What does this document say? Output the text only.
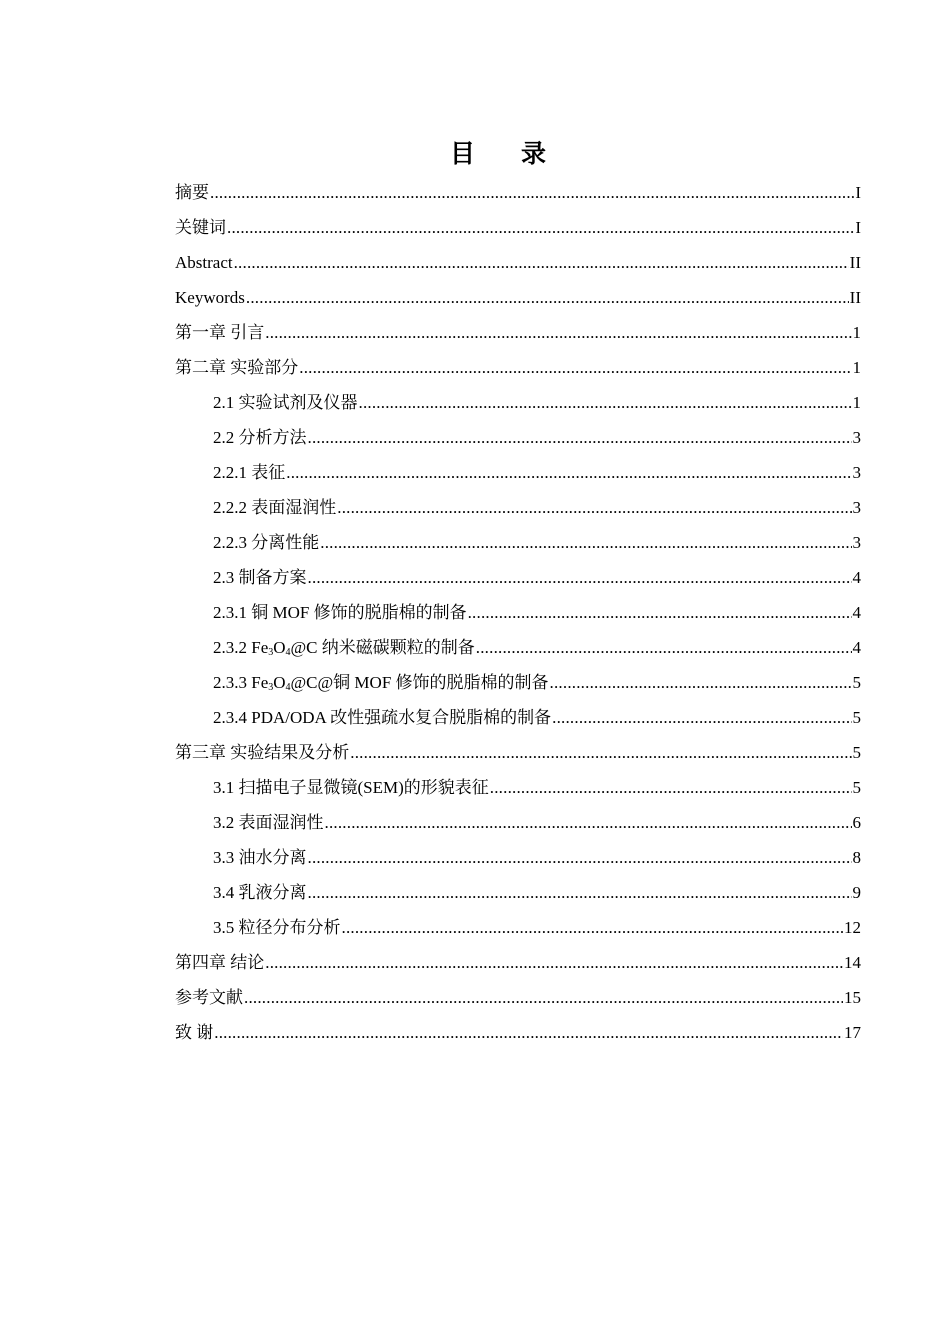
目 录
摘要 .....	I
关键词 .....	I
Abstract .....	II
Keywords .....	II
第一章 引言 .....	1
第二章 实验部分 .....	1
2.1 实验试剂及仪器 .....	1
2.2 分析方法 .....	3
2.2.1 表征 .....	3
2.2.2 表面湿润性 .....	3
2.2.3 分离性能 .....	3
2.3 制备方案 .....	4
2.3.1 铜 MOF 修饰的脱脂棉的制备 .....	4
2.3.2 $Fe_3O_4@C$ 纳米磁碳颗粒的制备 .....	4
2.3.3 $Fe_3O_4@C@$铜 MOF 修饰的脱脂棉的制备 .....	5
2.3.4 PDA/ODA 改性强疏水复合脱脂棉的制备 .....	5
第三章 实验结果及分析 .....	5
3.1 扫描电子显微镜(SEM)的形貌表征 .....	5
3.2 表面湿润性 .....	6
3.3 油水分离 .....	8
3.4 乳液分离 .....	9
3.5 粒径分布分析 .....	12
第四章 结论 .....	14
参考文献 .....	15
致 谢 .....	17
